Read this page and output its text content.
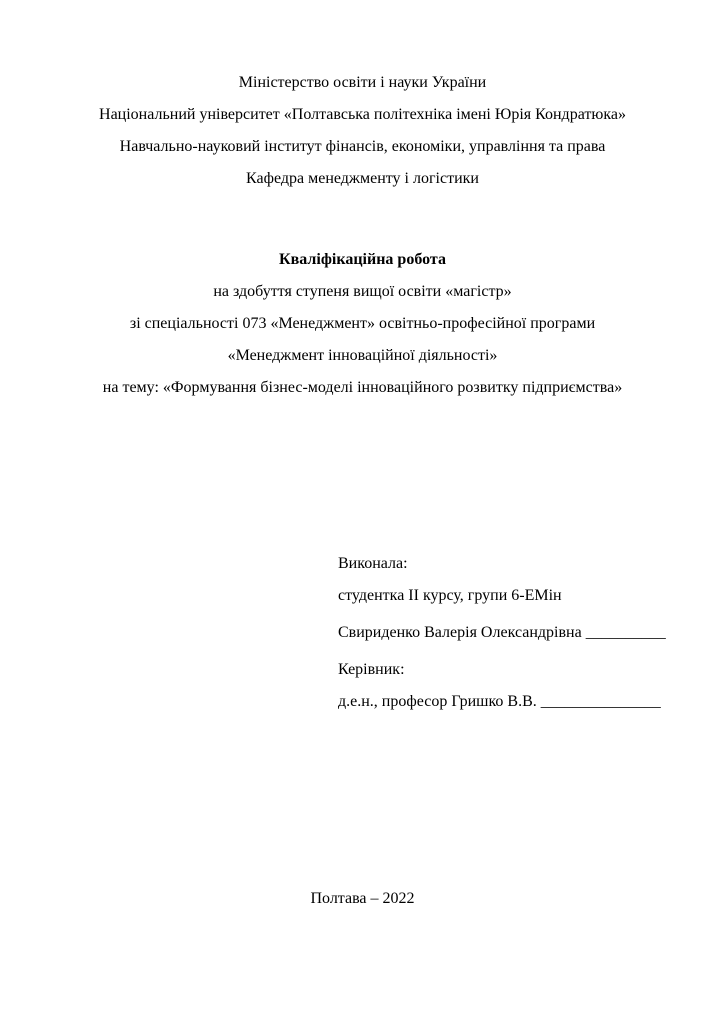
Міністерство освіти і науки України
Національний університет «Полтавська політехніка імені Юрія Кондратюка»
Навчально-науковий інститут фінансів, економіки, управління та права
Кафедра менеджменту і логістики
Кваліфікаційна робота
на здобуття ступеня вищої освіти «магістр»
зі спеціальності 073 «Менеджмент» освітньо-професійної програми
«Менеджмент інноваційної діяльності»
на тему: «Формування бізнес-моделі інноваційного розвитку підприємства»

Виконала:

студентка ІІ курсу, групи 6-ЕМін

Свириденко Валерія Олександрівна __________

Керівник:

д.е.н., професор Гришко В.В. _______________

Полтава – 2022
